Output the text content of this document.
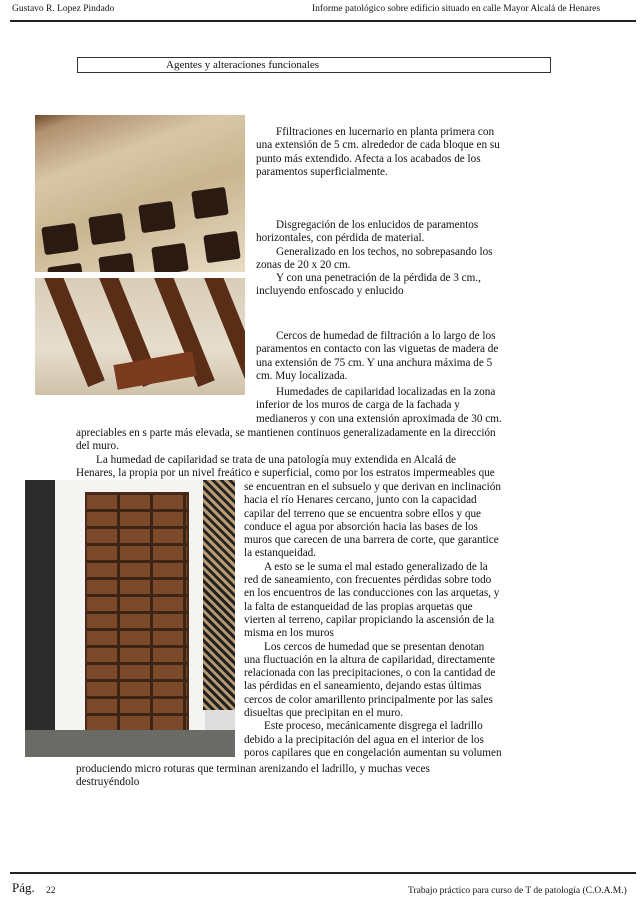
Gustavo R. Lopez Pindado	Informe patológico sobre edificio situado en calle Mayor Alcalá de Henares
Agentes y alteraciones funcionales
Ffiltraciones en lucernario en planta primera con
una extensión de 5 cm. alrededor de cada bloque en su
punto más extendido. Afecta a los acabados de los
paramentos superficialmente.
Disgregación de los enlucidos de paramentos
horizontales, con pérdida de material.
Generalizado en los techos, no sobrepasando los
zonas de 20 x 20 cm.
Y con una penetración de la pérdida de 3 cm.,
incluyendo enfoscado y enlucido
Cercos de humedad de filtración a lo largo de los
paramentos en contacto con las viguetas de madera de
una extensión de 75 cm. Y una anchura máxima de 5
cm. Muy localizada.
Humedades de capilaridad localizadas en la zona
inferior de los muros de carga de la fachada y
medianeros y con una extensión aproximada de 30 cm.
apreciables en s parte más elevada, se mantienen continuos generalizadamente en la dirección
del muro.
La humedad de capilaridad se trata de una patología muy extendida en Alcalá de
Henares, la propia por un nivel freático e superficial, como por los estratos impermeables que
se encuentran en el subsuelo y que derivan en inclinación
hacia el río Henares cercano, junto con la capacidad
capilar del terreno que se encuentra sobre ellos y que
conduce el agua por absorción hacia las bases de los
muros que carecen de una barrera de corte, que garantice
la estanqueidad.
A esto se le suma el mal estado generalizado de la
red de saneamiento, con frecuentes pérdidas sobre todo
en los encuentros de las conducciones con las arquetas, y
la falta de estanqueidad de las propias arquetas que
vierten al terreno, capilar propiciando la ascensión de la
misma en los muros
Los cercos de humedad que se presentan denotan
una fluctuación en la altura de capilaridad, directamente
relacionada con las precipitaciones, o con la cantidad de
las pérdidas en el saneamiento, dejando estas últimas
cercos de color amarillento principalmente por las sales
disueltas que precipitan en el muro.
Este proceso, mecánicamente disgrega el ladrillo
debido a la precipitación del agua en el interior de los
poros capilares que en congelación aumentan su volumen
produciendo micro roturas que terminan arenizando el ladrillo, y muchas veces
destruyéndolo
Pág. 22	Trabajo práctico para curso de T de patología (C.O.A.M.)
